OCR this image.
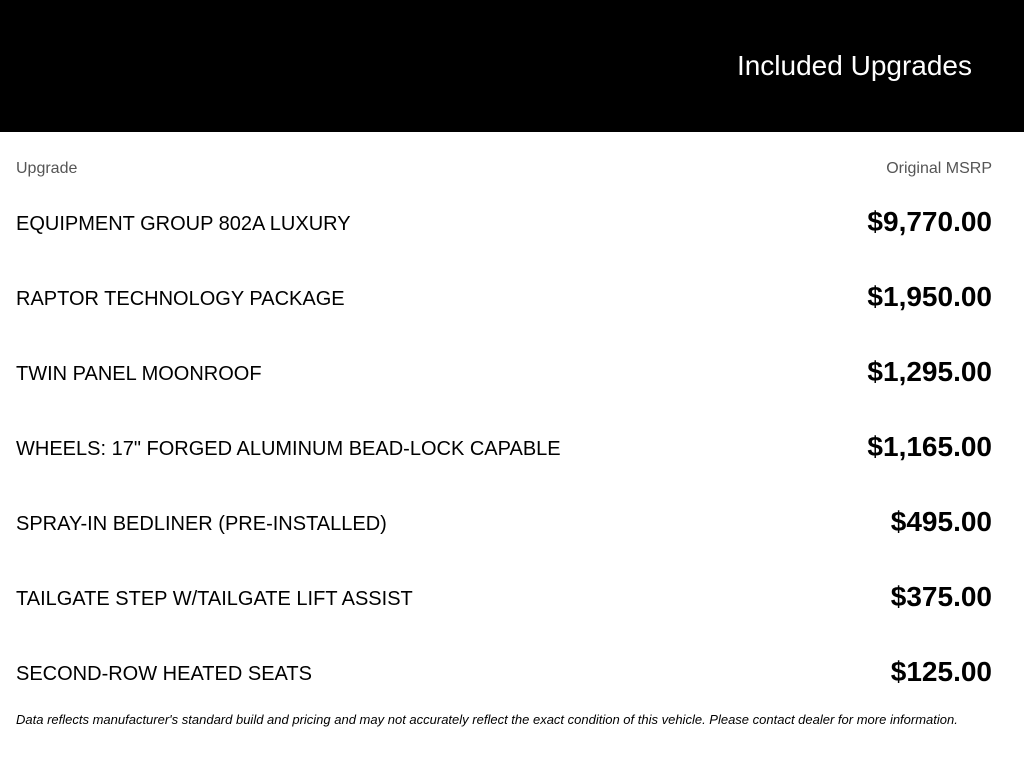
Included Upgrades
Upgrade	Original MSRP
EQUIPMENT GROUP 802A LUXURY	$9,770.00
RAPTOR TECHNOLOGY PACKAGE	$1,950.00
TWIN PANEL MOONROOF	$1,295.00
WHEELS: 17" FORGED ALUMINUM BEAD-LOCK CAPABLE	$1,165.00
SPRAY-IN BEDLINER (PRE-INSTALLED)	$495.00
TAILGATE STEP W/TAILGATE LIFT ASSIST	$375.00
SECOND-ROW HEATED SEATS	$125.00
Data reflects manufacturer's standard build and pricing and may not accurately reflect the exact condition of this vehicle. Please contact dealer for more information.
